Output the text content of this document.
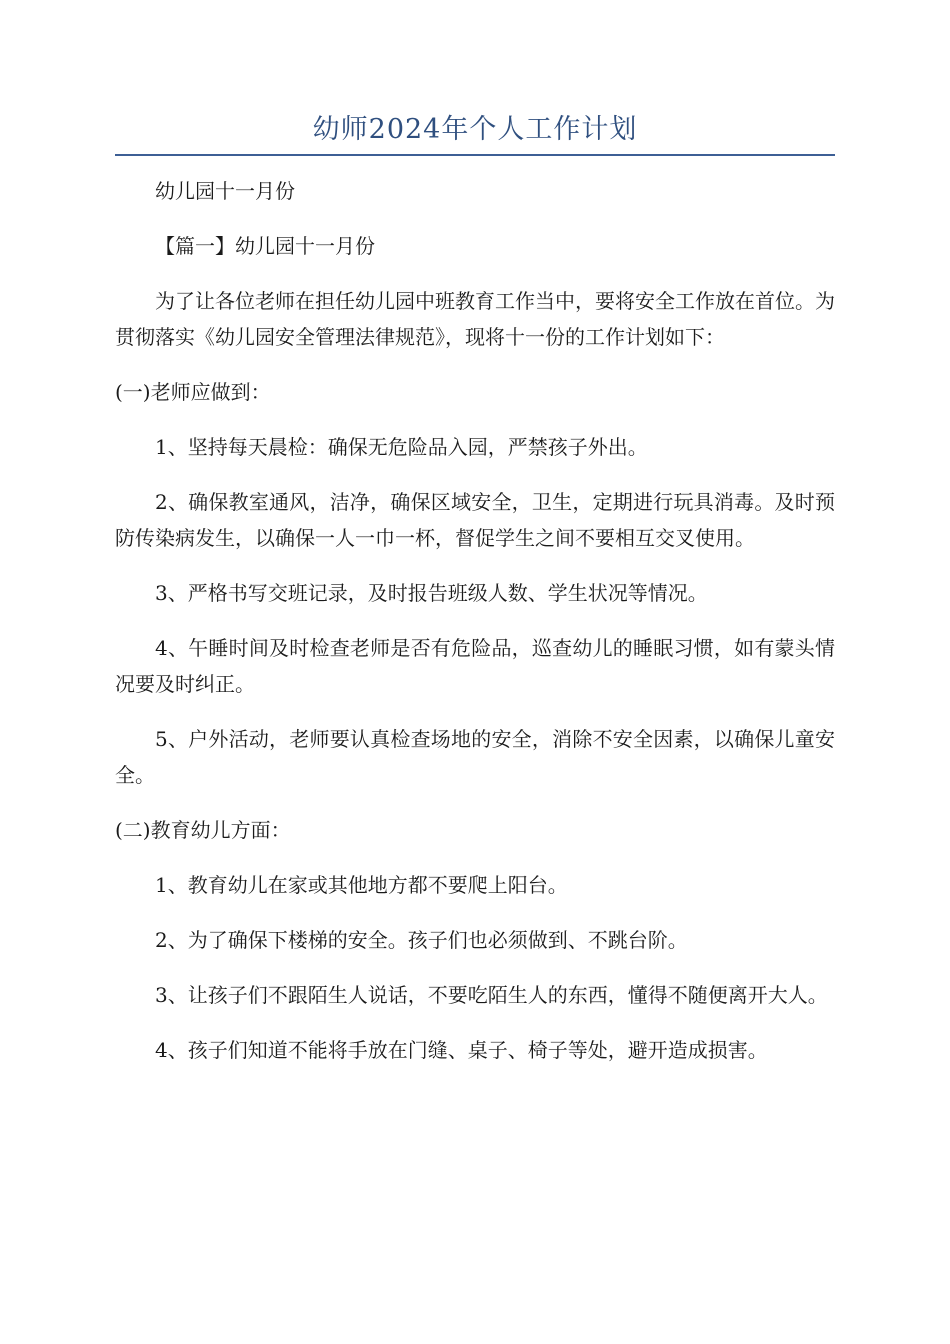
幼师2024年个人工作计划

幼儿园十一月份

【篇一】幼儿园十一月份

为了让各位老师在担任幼儿园中班教育工作当中，要将安全工作放在首位。为贯彻落实《幼儿园安全管理法律规范》，现将十一份的工作计划如下：

(一)老师应做到：

1、坚持每天晨检：确保无危险品入园，严禁孩子外出。

2、确保教室通风，洁净，确保区域安全，卫生，定期进行玩具消毒。及时预防传染病发生，以确保一人一巾一杯，督促学生之间不要相互交叉使用。

3、严格书写交班记录，及时报告班级人数、学生状况等情况。

4、午睡时间及时检查老师是否有危险品，巡查幼儿的睡眠习惯，如有蒙头情况要及时纠正。

5、户外活动，老师要认真检查场地的安全，消除不安全因素，以确保儿童安全。

(二)教育幼儿方面：

1、教育幼儿在家或其他地方都不要爬上阳台。

2、为了确保下楼梯的安全。孩子们也必须做到、不跳台阶。

3、让孩子们不跟陌生人说话，不要吃陌生人的东西，懂得不随便离开大人。

4、孩子们知道不能将手放在门缝、桌子、椅子等处，避开造成损害。
